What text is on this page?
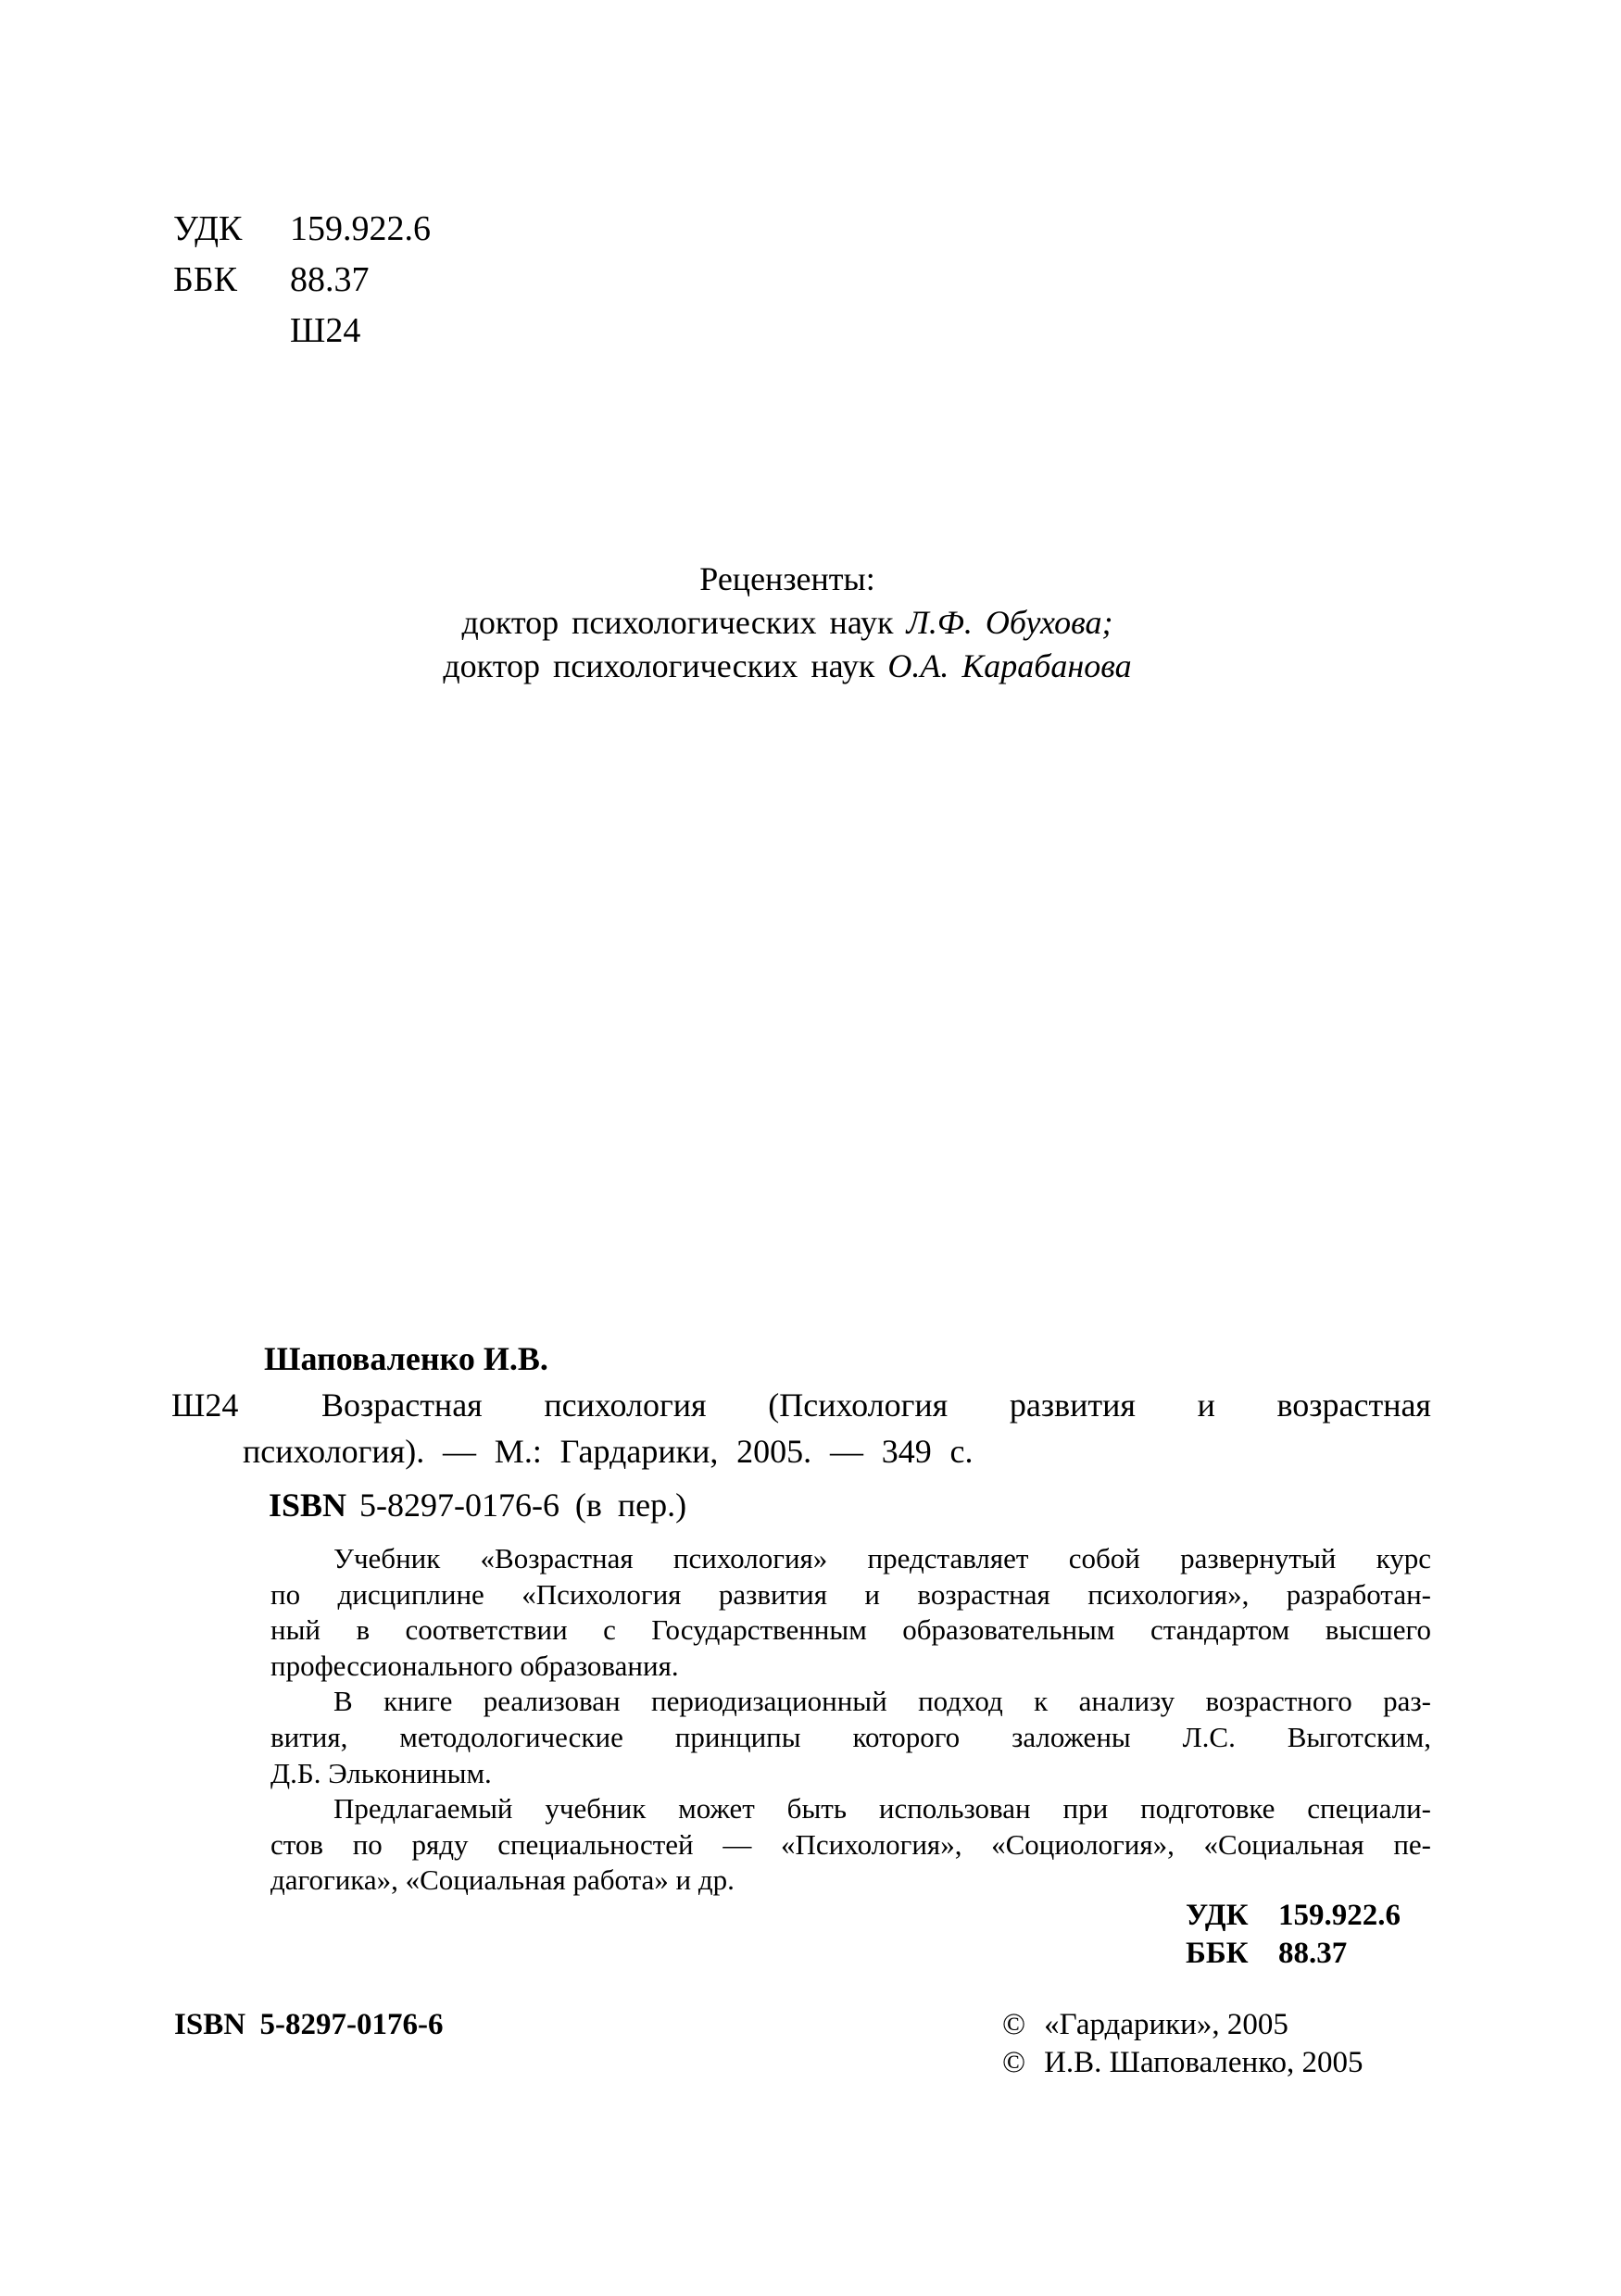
УДК 159.922.6
ББК 88.37
Ш24
Рецензенты:
доктор психологических наук Л.Ф. Обухова;
доктор психологических наук О.А. Карабанова
Шаповаленко И.В.
Ш24 Возрастная психология (Психология развития и возрастная
психология). — М.: Гардарики, 2005. — 349 с.
ISBN 5-8297-0176-6 (в пер.)
Учебник «Возрастная психология» представляет собой развернутый курс
по дисциплине «Психология развития и возрастная психология», разработан-
ный в соответствии с Государственным образовательным стандартом высшего
профессионального образования.
В книге реализован периодизационный подход к анализу возрастного раз-
вития, методологические принципы которого заложены Л.С. Выготским,
Д.Б. Элькониным.
Предлагаемый учебник может быть использован при подготовке специали-
стов по ряду специальностей — «Психология», «Социология», «Социальная пе-
дагогика», «Социальная работа» и др.
УДК 159.922.6
ББК 88.37
ISBN 5-8297-0176-6	© «Гардарики», 2005
© И.В. Шаповаленко, 2005
